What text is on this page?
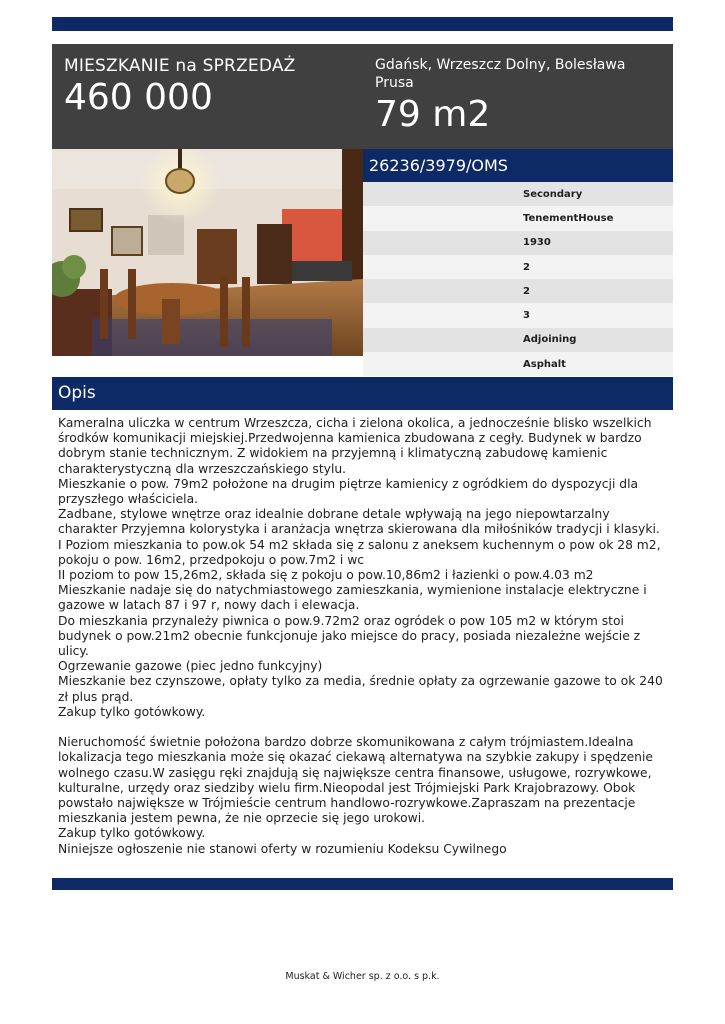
MIESZKANIE na SPRZEDAŻ
460 000
Gdańsk, Wrzeszcz Dolny, Bolesława Prusa
79 m2
26236/3979/OMS
Secondary
TenementHouse
1930
2
2
3
Adjoining
Asphalt
Opis

Kameralna uliczka w centrum Wrzeszcza, cicha i zielona okolica, a jednocześnie blisko wszelkich środków komunikacji miejskiej.Przedwojenna kamienica zbudowana z cegły. Budynek w bardzo dobrym stanie technicznym. Z widokiem na przyjemną i klimatyczną zabudowę kamienic charakterystyczną dla wrzeszczańskiego stylu.

Mieszkanie o pow. 79m2 położone na drugim piętrze kamienicy z ogródkiem do dyspozycji dla przyszłego właściciela.

Zadbane, stylowe wnętrze oraz idealnie dobrane detale wpływają na jego niepowtarzalny charakter Przyjemna kolorystyka i aranżacja wnętrza skierowana dla miłośników tradycji i klasyki.

I Poziom mieszkania to pow.ok 54 m2 składa się z salonu z aneksem kuchennym o pow ok 28 m2, pokoju o pow. 16m2, przedpokoju o pow.7m2 i wc

II poziom to pow 15,26m2, składa się z pokoju o pow.10,86m2 i łazienki o pow.4.03 m2

Mieszkanie nadaje się do natychmiastowego zamieszkania, wymienione instalacje elektryczne i gazowe w latach 87 i 97 r, nowy dach i elewacja.

Do mieszkania przynależy piwnica o pow.9.72m2 oraz ogródek o pow 105 m2 w którym stoi budynek o pow.21m2 obecnie funkcjonuje jako miejsce do pracy, posiada niezależne wejście z ulicy.

Ogrzewanie gazowe (piec jedno funkcyjny)

Mieszkanie bez czynszowe, opłaty tylko za media, średnie opłaty za ogrzewanie gazowe to ok 240 zł plus prąd.

Zakup tylko gotówkowy.

Nieruchomość świetnie położona bardzo dobrze skomunikowana z całym trójmiastem.Idealna lokalizacja tego mieszkania może się okazać ciekawą alternatywa na szybkie zakupy i spędzenie wolnego czasu.W zasięgu ręki znajdują się największe centra finansowe, usługowe, rozrywkowe, kulturalne, urzędy oraz siedziby wielu firm.Nieopodal jest Trójmiejski Park Krajobrazowy. Obok powstało największe w Trójmieście centrum handlowo-rozrywkowe.Zapraszam na prezentacje mieszkania jestem pewna, że nie oprzecie się jego urokowi.

Zakup tylko gotówkowy.

Niniejsze ogłoszenie nie stanowi oferty w rozumieniu Kodeksu Cywilnego

Muskat & Wicher sp. z o.o. s p.k.
